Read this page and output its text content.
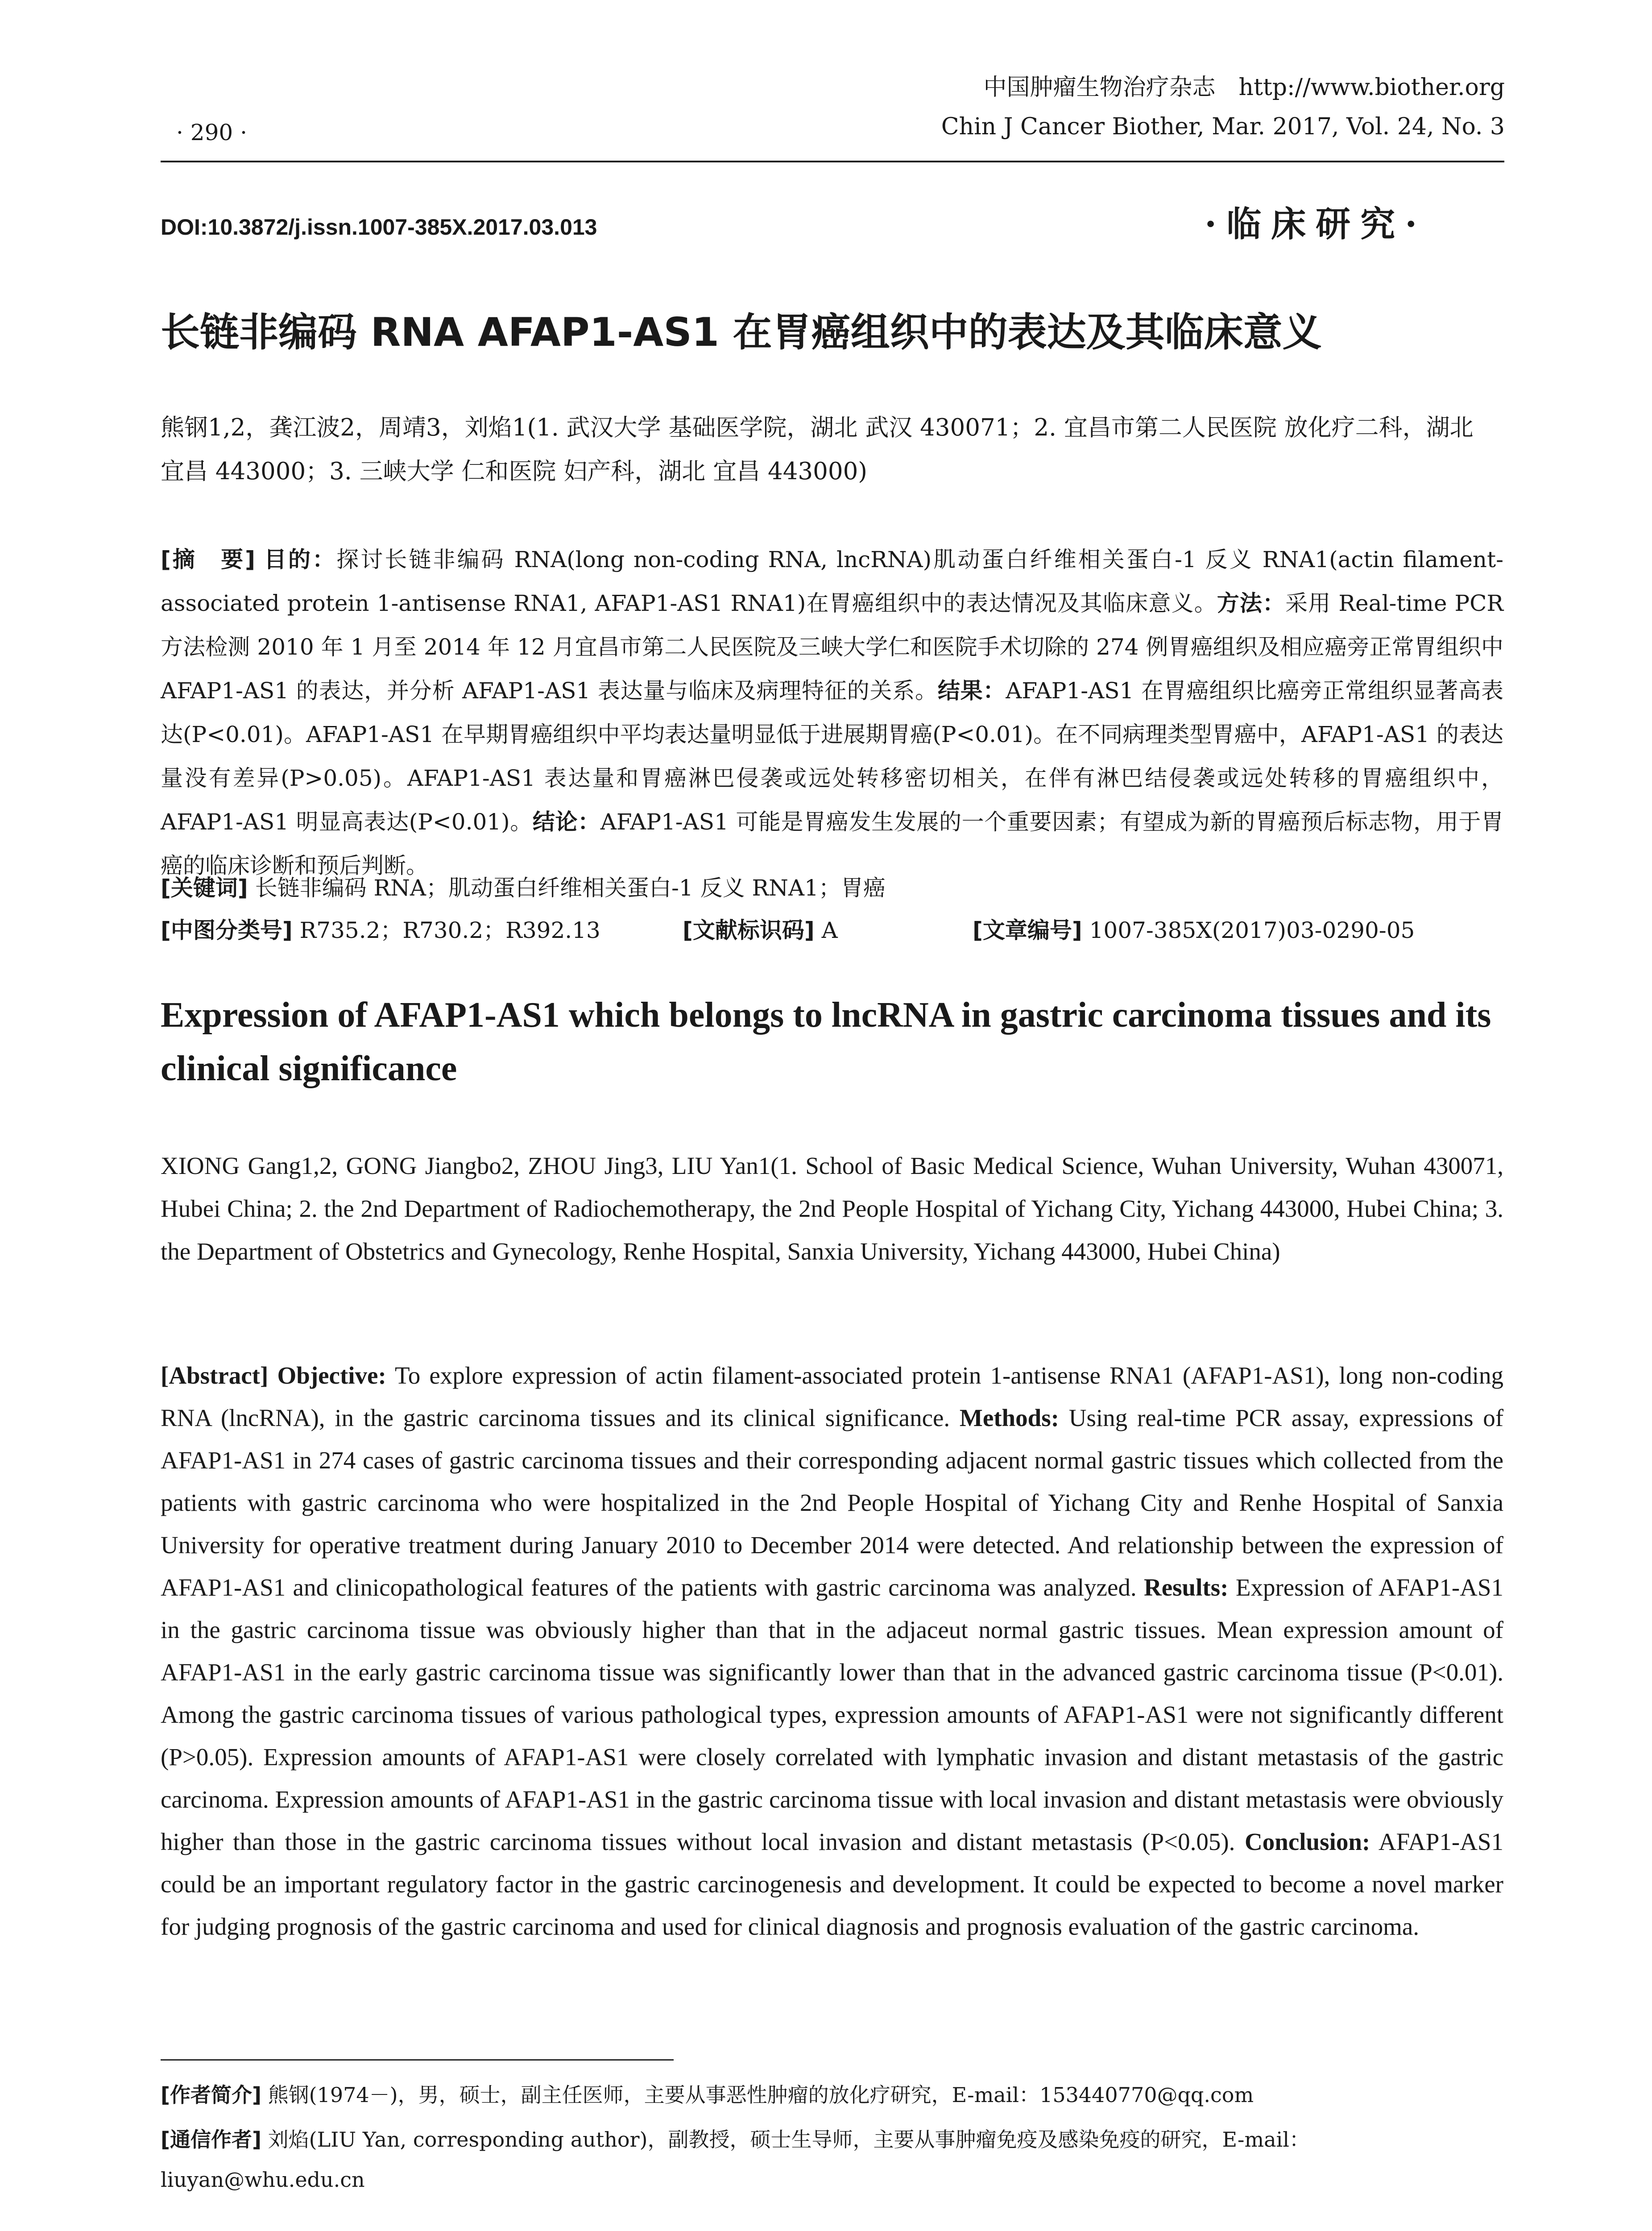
· 290 ·
中国肿瘤生物治疗杂志　http://www.biother.org
Chin J Cancer Biother, Mar. 2017, Vol. 24, No. 3
DOI:10.3872/j.issn.1007-385X.2017.03.013	·临床研究·
长链非编码 RNA AFAP1-AS1 在胃癌组织中的表达及其临床意义
熊钢1,2，龚江波2，周靖3，刘焰1(1. 武汉大学 基础医学院，湖北 武汉 430071；2. 宜昌市第二人民医院 放化疗二科，湖北 宜昌 443000；3. 三峡大学 仁和医院 妇产科，湖北 宜昌 443000)
[摘　要] 目的：探讨长链非编码 RNA(long non-coding RNA, lncRNA)肌动蛋白纤维相关蛋白-1 反义 RNA1(actin filament-associated protein 1-antisense RNA1, AFAP1-AS1 RNA1)在胃癌组织中的表达情况及其临床意义。方法：采用 Real-time PCR 方法检测 2010 年 1 月至 2014 年 12 月宜昌市第二人民医院及三峡大学仁和医院手术切除的 274 例胃癌组织及相应癌旁正常胃组织中 AFAP1-AS1 的表达，并分析 AFAP1-AS1 表达量与临床及病理特征的关系。结果：AFAP1-AS1 在胃癌组织比癌旁正常组织显著高表达(P<0.01)。AFAP1-AS1 在早期胃癌组织中平均表达量明显低于进展期胃癌(P<0.01)。在不同病理类型胃癌中，AFAP1-AS1 的表达量没有差异(P>0.05)。AFAP1-AS1 表达量和胃癌淋巴侵袭或远处转移密切相关，在伴有淋巴结侵袭或远处转移的胃癌组织中，AFAP1-AS1 明显高表达(P<0.01)。结论：AFAP1-AS1 可能是胃癌发生发展的一个重要因素；有望成为新的胃癌预后标志物，用于胃癌的临床诊断和预后判断。
[关键词] 长链非编码 RNA；肌动蛋白纤维相关蛋白-1 反义 RNA1；胃癌
[中图分类号] R735.2；R730.2；R392.13	[文献标识码] A	[文章编号] 1007-385X(2017)03-0290-05
Expression of AFAP1-AS1 which belongs to lncRNA in gastric carcinoma tissues and its clinical significance
XIONG Gang1,2, GONG Jiangbo2, ZHOU Jing3, LIU Yan1(1. School of Basic Medical Science, Wuhan University, Wuhan 430071, Hubei China; 2. the 2nd Department of Radiochemotherapy, the 2nd People Hospital of Yichang City, Yichang 443000, Hubei China; 3. the Department of Obstetrics and Gynecology, Renhe Hospital, Sanxia University, Yichang 443000, Hubei China)
[Abstract] Objective: To explore expression of actin filament-associated protein 1-antisense RNA1 (AFAP1-AS1), long non-coding RNA (lncRNA), in the gastric carcinoma tissues and its clinical significance. Methods: Using real-time PCR assay, expressions of AFAP1-AS1 in 274 cases of gastric carcinoma tissues and their corresponding adjacent normal gastric tissues which collected from the patients with gastric carcinoma who were hospitalized in the 2nd People Hospital of Yichang City and Renhe Hospital of Sanxia University for operative treatment during January 2010 to December 2014 were detected. And relationship between the expression of AFAP1-AS1 and clinicopathological features of the patients with gastric carcinoma was analyzed. Results: Expression of AFAP1-AS1 in the gastric carcinoma tissue was obviously higher than that in the adjaceut normal gastric tissues. Mean expression amount of AFAP1-AS1 in the early gastric carcinoma tissue was significantly lower than that in the advanced gastric carcinoma tissue (P<0.01). Among the gastric carcinoma tissues of various pathological types, expression amounts of AFAP1-AS1 were not significantly different (P>0.05). Expression amounts of AFAP1-AS1 were closely correlated with lymphatic invasion and distant metastasis of the gastric carcinoma. Expression amounts of AFAP1-AS1 in the gastric carcinoma tissue with local invasion and distant metastasis were obviously higher than those in the gastric carcinoma tissues without local invasion and distant metastasis (P<0.05). Conclusion: AFAP1-AS1 could be an important regulatory factor in the gastric carcinogenesis and development. It could be expected to become a novel marker for judging prognosis of the gastric carcinoma and used for clinical diagnosis and prognosis evaluation of the gastric carcinoma.
[作者简介] 熊钢(1974－)，男，硕士，副主任医师，主要从事恶性肿瘤的放化疗研究，E-mail：153440770@qq.com
[通信作者] 刘焰(LIU Yan, corresponding author)，副教授，硕士生导师，主要从事肿瘤免疫及感染免疫的研究，E-mail：liuyan@whu.edu.cn
